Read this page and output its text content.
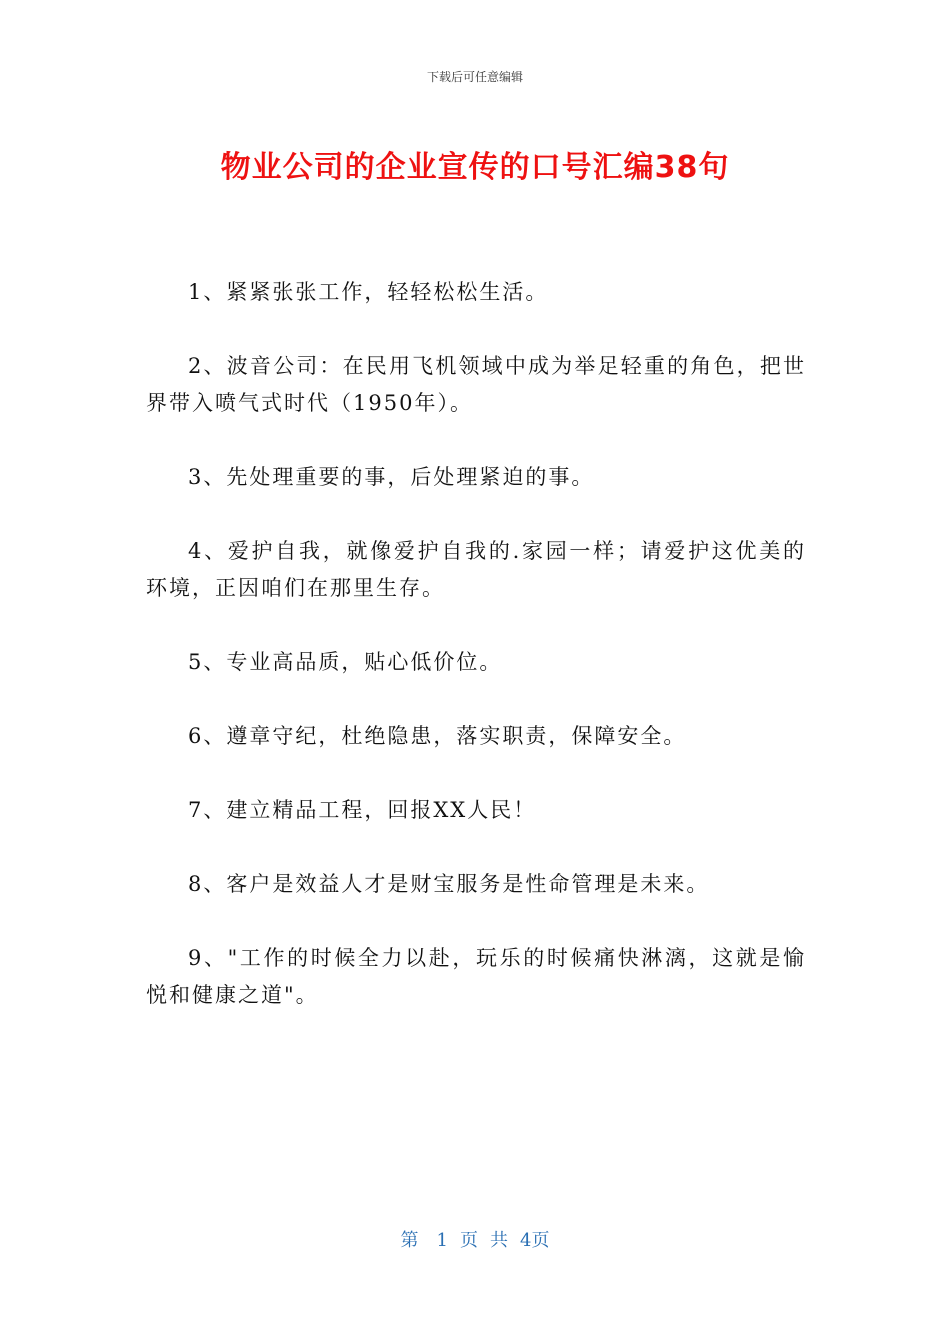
下载后可任意编辑
物业公司的企业宣传的口号汇编38句

1、紧紧张张工作，轻轻松松生活。

2、波音公司：在民用飞机领域中成为举足轻重的角色，把世界带入喷气式时代（1950年）。

3、先处理重要的事，后处理紧迫的事。

4、爱护自我，就像爱护自我的.家园一样；请爱护这优美的环境，正因咱们在那里生存。

5、专业高品质，贴心低价位。

6、遵章守纪，杜绝隐患，落实职责，保障安全。

7、建立精品工程，回报XX人民！

8、客户是效益人才是财宝服务是性命管理是未来。

9、"工作的时候全力以赴，玩乐的时候痛快淋漓，这就是愉悦和健康之道"。

第 1 页 共 4页
